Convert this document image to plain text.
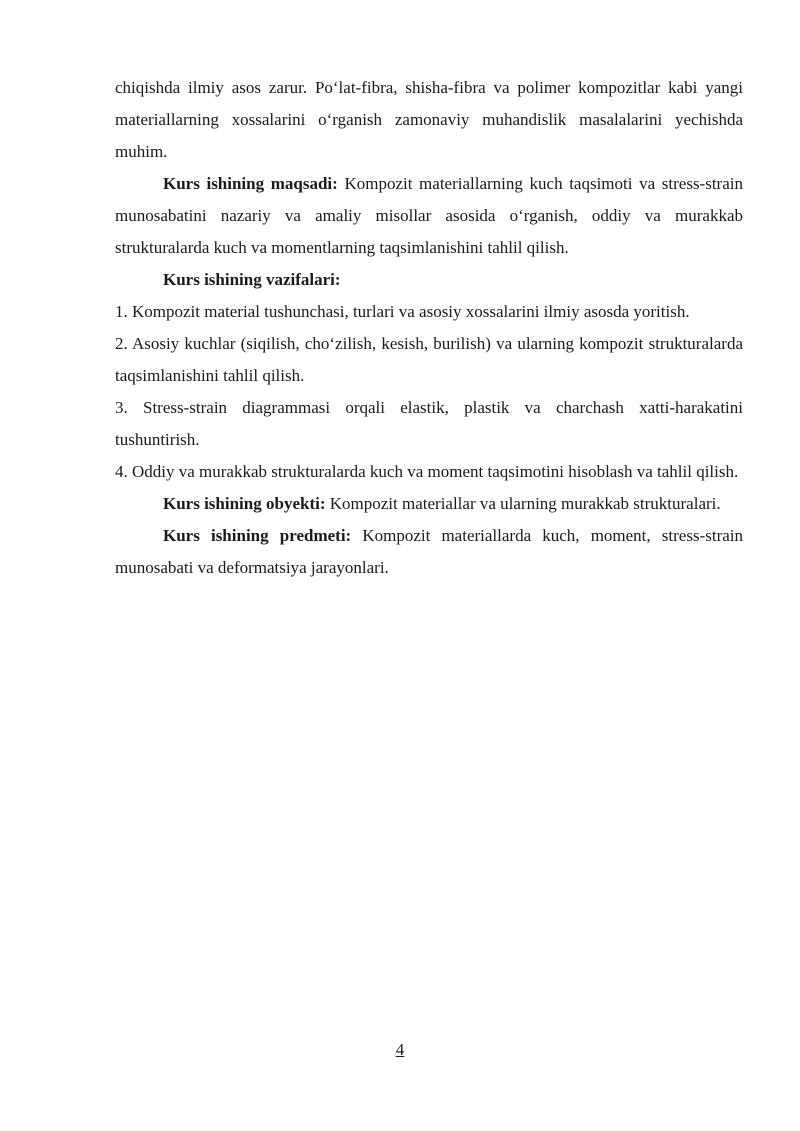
chiqishda ilmiy asos zarur. Po‘lat-fibra, shisha-fibra va polimer kompozitlar kabi yangi materiallarning xossalarini o‘rganish zamonaviy muhandislik masalalarini yechishda muhim.

Kurs ishining maqsadi: Kompozit materiallarning kuch taqsimoti va stress-strain munosabatini nazariy va amaliy misollar asosida o‘rganish, oddiy va murakkab strukturalarda kuch va momentlarning taqsimlanishini tahlil qilish.

Kurs ishining vazifalari:

1. Kompozit material tushunchasi, turlari va asosiy xossalarini ilmiy asosda yoritish.

2. Asosiy kuchlar (siqilish, cho‘zilish, kesish, burilish) va ularning kompozit strukturalarda taqsimlanishini tahlil qilish.

3. Stress-strain diagrammasi orqali elastik, plastik va charchash xatti-harakatini tushuntirish.

4. Oddiy va murakkab strukturalarda kuch va moment taqsimotini hisoblash va tahlil qilish.

Kurs ishining obyekti: Kompozit materiallar va ularning murakkab strukturalari.

Kurs ishining predmeti: Kompozit materiallarda kuch, moment, stress-strain munosabati va deformatsiya jarayonlari.

4
